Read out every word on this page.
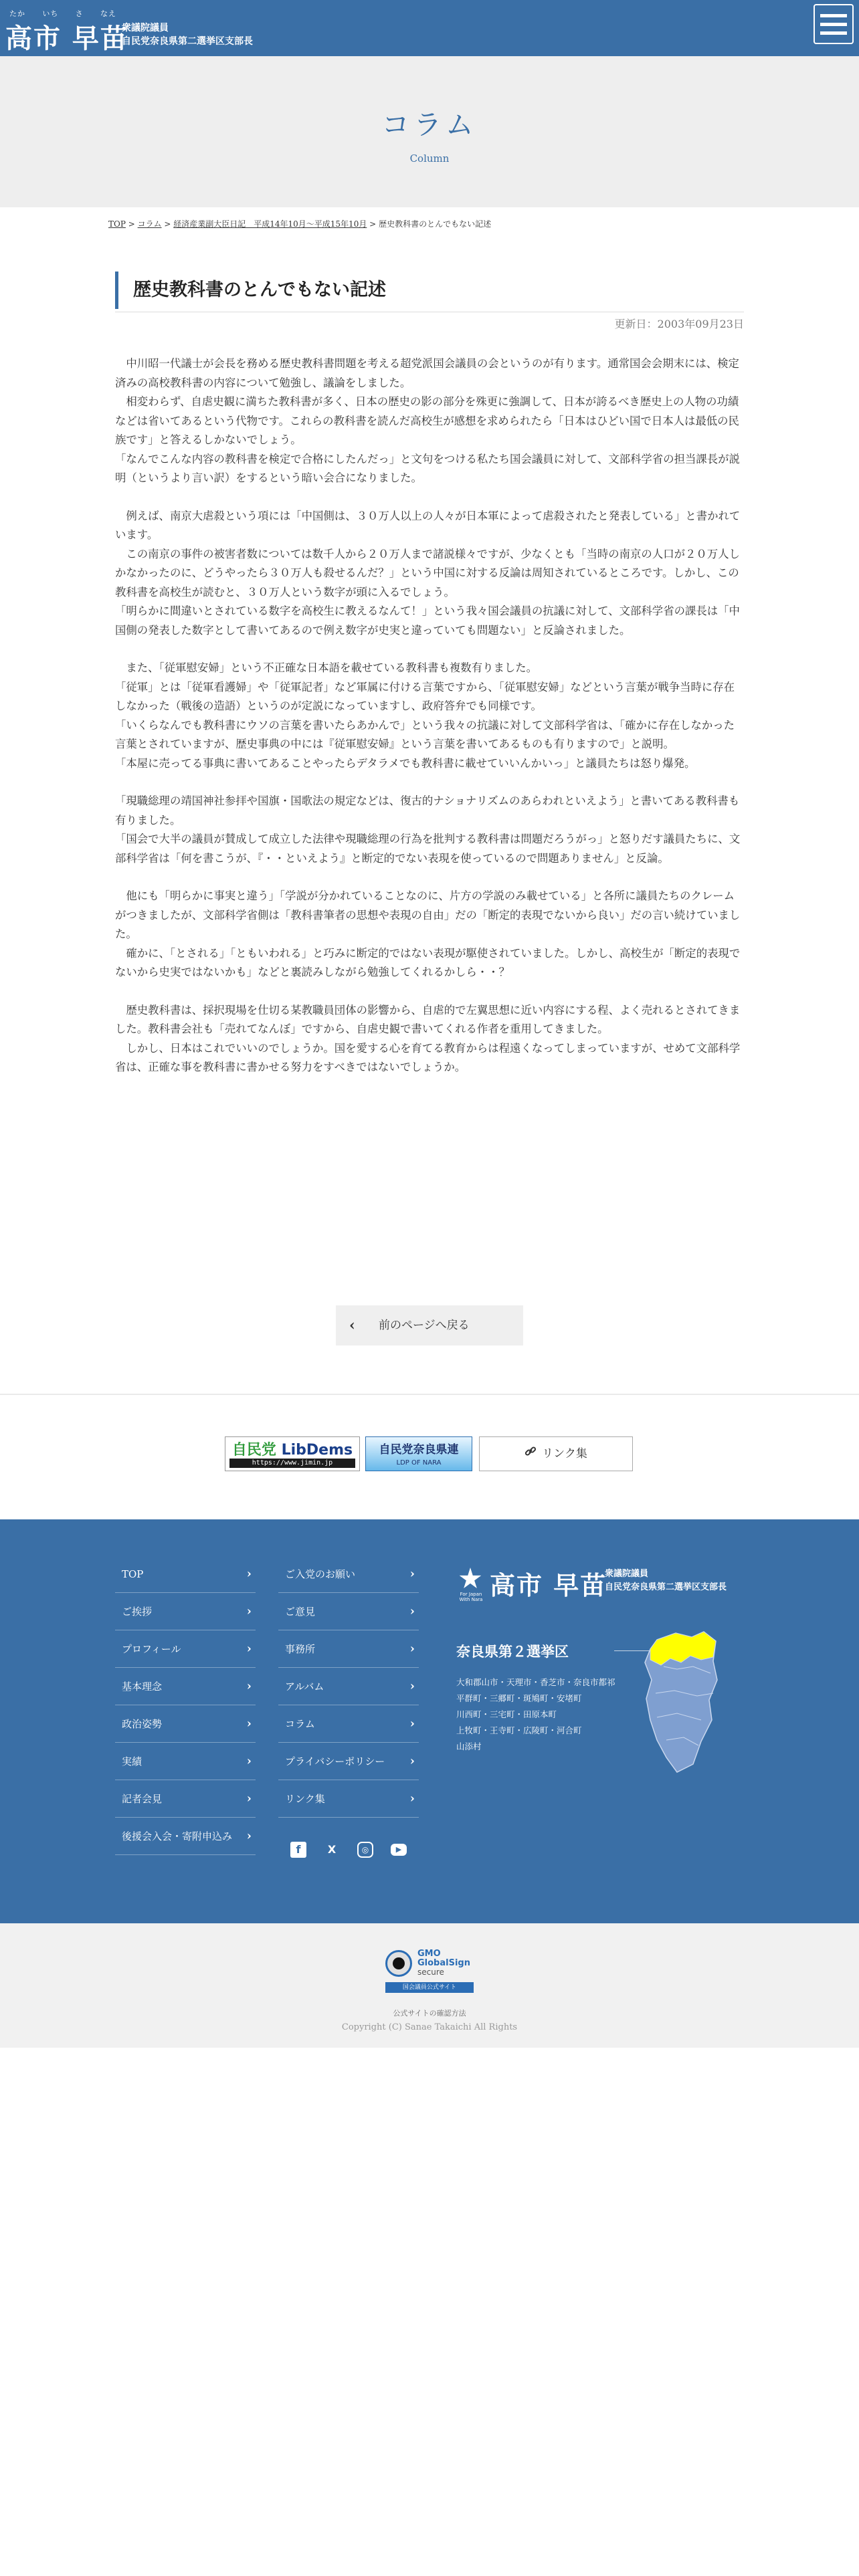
たか いち さ なえ
高市 早苗
衆議院議員
自民党奈良県第二選挙区支部長
コラム
Column
TOP > コラム > 経済産業副大臣日記　平成14年10月～平成15年10月 > 歴史教科書のとんでもない記述
歴史教科書のとんでもない記述
更新日：2003年09月23日

　中川昭一代議士が会長を務める歴史教科書問題を考える超党派国会議員の会というのが有ります。通常国会会期末には、検定済みの高校教科書の内容について勉強し、議論をしました。

　相変わらず、自虐史観に満ちた教科書が多く、日本の歴史の影の部分を殊更に強調して、日本が誇るべき歴史上の人物の功績などは省いてあるという代物です。これらの教科書を読んだ高校生が感想を求められたら「日本はひどい国で日本人は最低の民族です」と答えるしかないでしょう。

「なんでこんな内容の教科書を検定で合格にしたんだっ」と文句をつける私たち国会議員に対して、文部科学省の担当課長が説明（というより言い訳）をするという暗い会合になりました。

　例えば、南京大虐殺という項には「中国側は、３０万人以上の人々が日本軍によって虐殺されたと発表している」と書かれています。

　この南京の事件の被害者数については数千人から２０万人まで諸説様々ですが、少なくとも「当時の南京の人口が２０万人しかなかったのに、どうやったら３０万人も殺せるんだ？」という中国に対する反論は周知されているところです。しかし、この教科書を高校生が読むと、３０万人という数字が頭に入るでしょう。

「明らかに間違いとされている数字を高校生に教えるなんて！」という我々国会議員の抗議に対して、文部科学省の課長は「中国側の発表した数字として書いてあるので例え数字が史実と違っていても問題ない」と反論されました。

　また、「従軍慰安婦」という不正確な日本語を載せている教科書も複数有りました。

「従軍」とは「従軍看護婦」や「従軍記者」など軍属に付ける言葉ですから、「従軍慰安婦」などという言葉が戦争当時に存在しなかった（戦後の造語）というのが定説になっていますし、政府答弁でも同様です。

「いくらなんでも教科書にウソの言葉を書いたらあかんで」という我々の抗議に対して文部科学省は、「確かに存在しなかった言葉とされていますが、歴史事典の中には『従軍慰安婦』という言葉を書いてあるものも有りますので」と説明。

「本屋に売ってる事典に書いてあることやったらデタラメでも教科書に載せていいんかいっ」と議員たちは怒り爆発。

「現職総理の靖国神社参拝や国旗・国歌法の規定などは、復古的ナショナリズムのあらわれといえよう」と書いてある教科書も有りました。

「国会で大半の議員が賛成して成立した法律や現職総理の行為を批判する教科書は問題だろうがっ」と怒りだす議員たちに、文部科学省は「何を書こうが、『・・といえよう』と断定的でない表現を使っているので問題ありません」と反論。

　他にも「明らかに事実と違う」「学説が分かれていることなのに、片方の学説のみ載せている」と各所に議員たちのクレームがつきましたが、文部科学省側は「教科書筆者の思想や表現の自由」だの「断定的表現でないから良い」だの言い続けていました。

　確かに、「とされる」「ともいわれる」と巧みに断定的ではない表現が駆使されていました。しかし、高校生が「断定的表現でないから史実ではないかも」などと裏読みしながら勉強してくれるかしら・・？

　歴史教科書は、採択現場を仕切る某教職員団体の影響から、自虐的で左翼思想に近い内容にする程、よく売れるとされてきました。教科書会社も「売れてなんぼ」ですから、自虐史観で書いてくれる作者を重用してきました。

　しかし、日本はこれでいいのでしょうか。国を愛する心を育てる教育からは程遠くなってしまっていますが、せめて文部科学省は、正確な事を教科書に書かせる努力をすべきではないでしょうか。

‹ 前のページへ戻る
自民党 LibDems
https://www.jimin.jp
自民党奈良県連
LDP OF NARA
リンク集
TOP	›
ご挨拶	›
プロフィール	›
基本理念	›
政治姿勢	›
実績	›
記者会見	›
後援会入会・寄附申込み ›
ご入党のお願い	›
ご意見	›
事務所	›
アルバム	›
コラム	›
プライバシーポリシー ›
リンク集	›
f	X	◎	▶
For Japan With Nara 高市 早苗
衆議院議員
自民党奈良県第二選挙区支部長
奈良県第２選挙区
大和郡山市・天理市・香芝市・奈良市都祁
平群町・三郷町・斑鳩町・安堵町
川西町・三宅町・田原本町
上牧町・王寺町・広陵町・河合町
山添村
GMO
GlobalSign
secure
国会議員公式サイト
公式サイトの確認方法
Copyright (C) Sanae Takaichi All Rights
